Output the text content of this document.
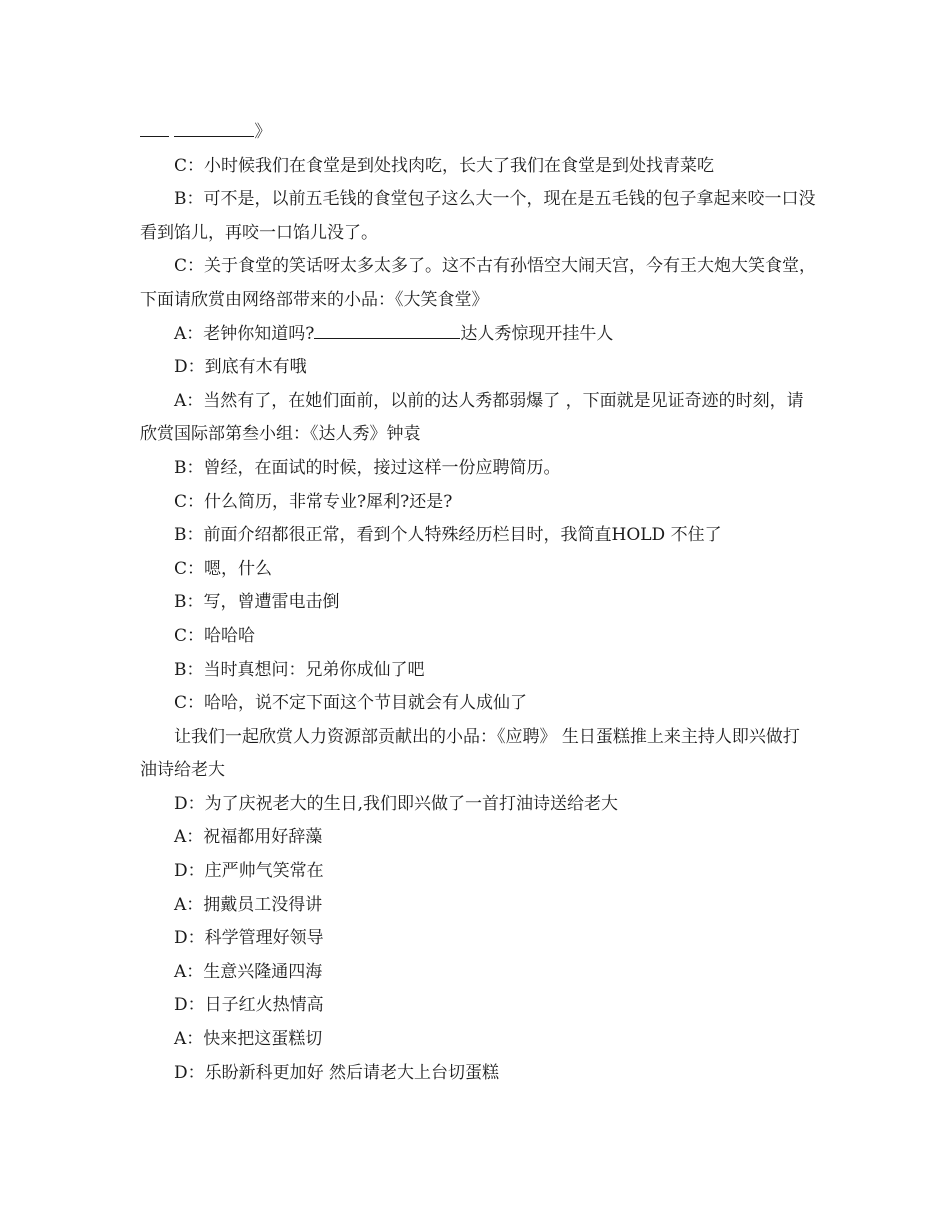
》

C：小时候我们在食堂是到处找肉吃，长大了我们在食堂是到处找青菜吃

B：可不是，以前五毛钱的食堂包子这么大一个，现在是五毛钱的包子拿起来咬一口没看到馅儿，再咬一口馅儿没了。

C：关于食堂的笑话呀太多太多了。这不古有孙悟空大闹天宫，今有王大炮大笑食堂，下面请欣赏由网络部带来的小品：《大笑食堂》

A：老钟你知道吗?	达人秀惊现开挂牛人

D：到底有木有哦

A：当然有了，在她们面前，以前的达人秀都弱爆了 ，下面就是见证奇迹的时刻，请欣赏国际部第叁小组：《达人秀》钟袁

B：曾经，在面试的时候，接过这样一份应聘简历。

C：什么简历，非常专业?犀利?还是?

B：前面介绍都很正常，看到个人特殊经历栏目时，我简直HOLD 不住了

C：嗯，什么

B：写，曾遭雷电击倒

C：哈哈哈

B：当时真想问：兄弟你成仙了吧

C：哈哈，说不定下面这个节目就会有人成仙了

让我们一起欣赏人力资源部贡献出的小品：《应聘》 生日蛋糕推上来主持人即兴做打油诗给老大

D：为了庆祝老大的生日,我们即兴做了一首打油诗送给老大

A：祝福都用好辞藻

D：庄严帅气笑常在

A：拥戴员工没得讲

D：科学管理好领导

A：生意兴隆通四海

D：日子红火热情高

A：快来把这蛋糕切

D：乐盼新科更加好 然后请老大上台切蛋糕
